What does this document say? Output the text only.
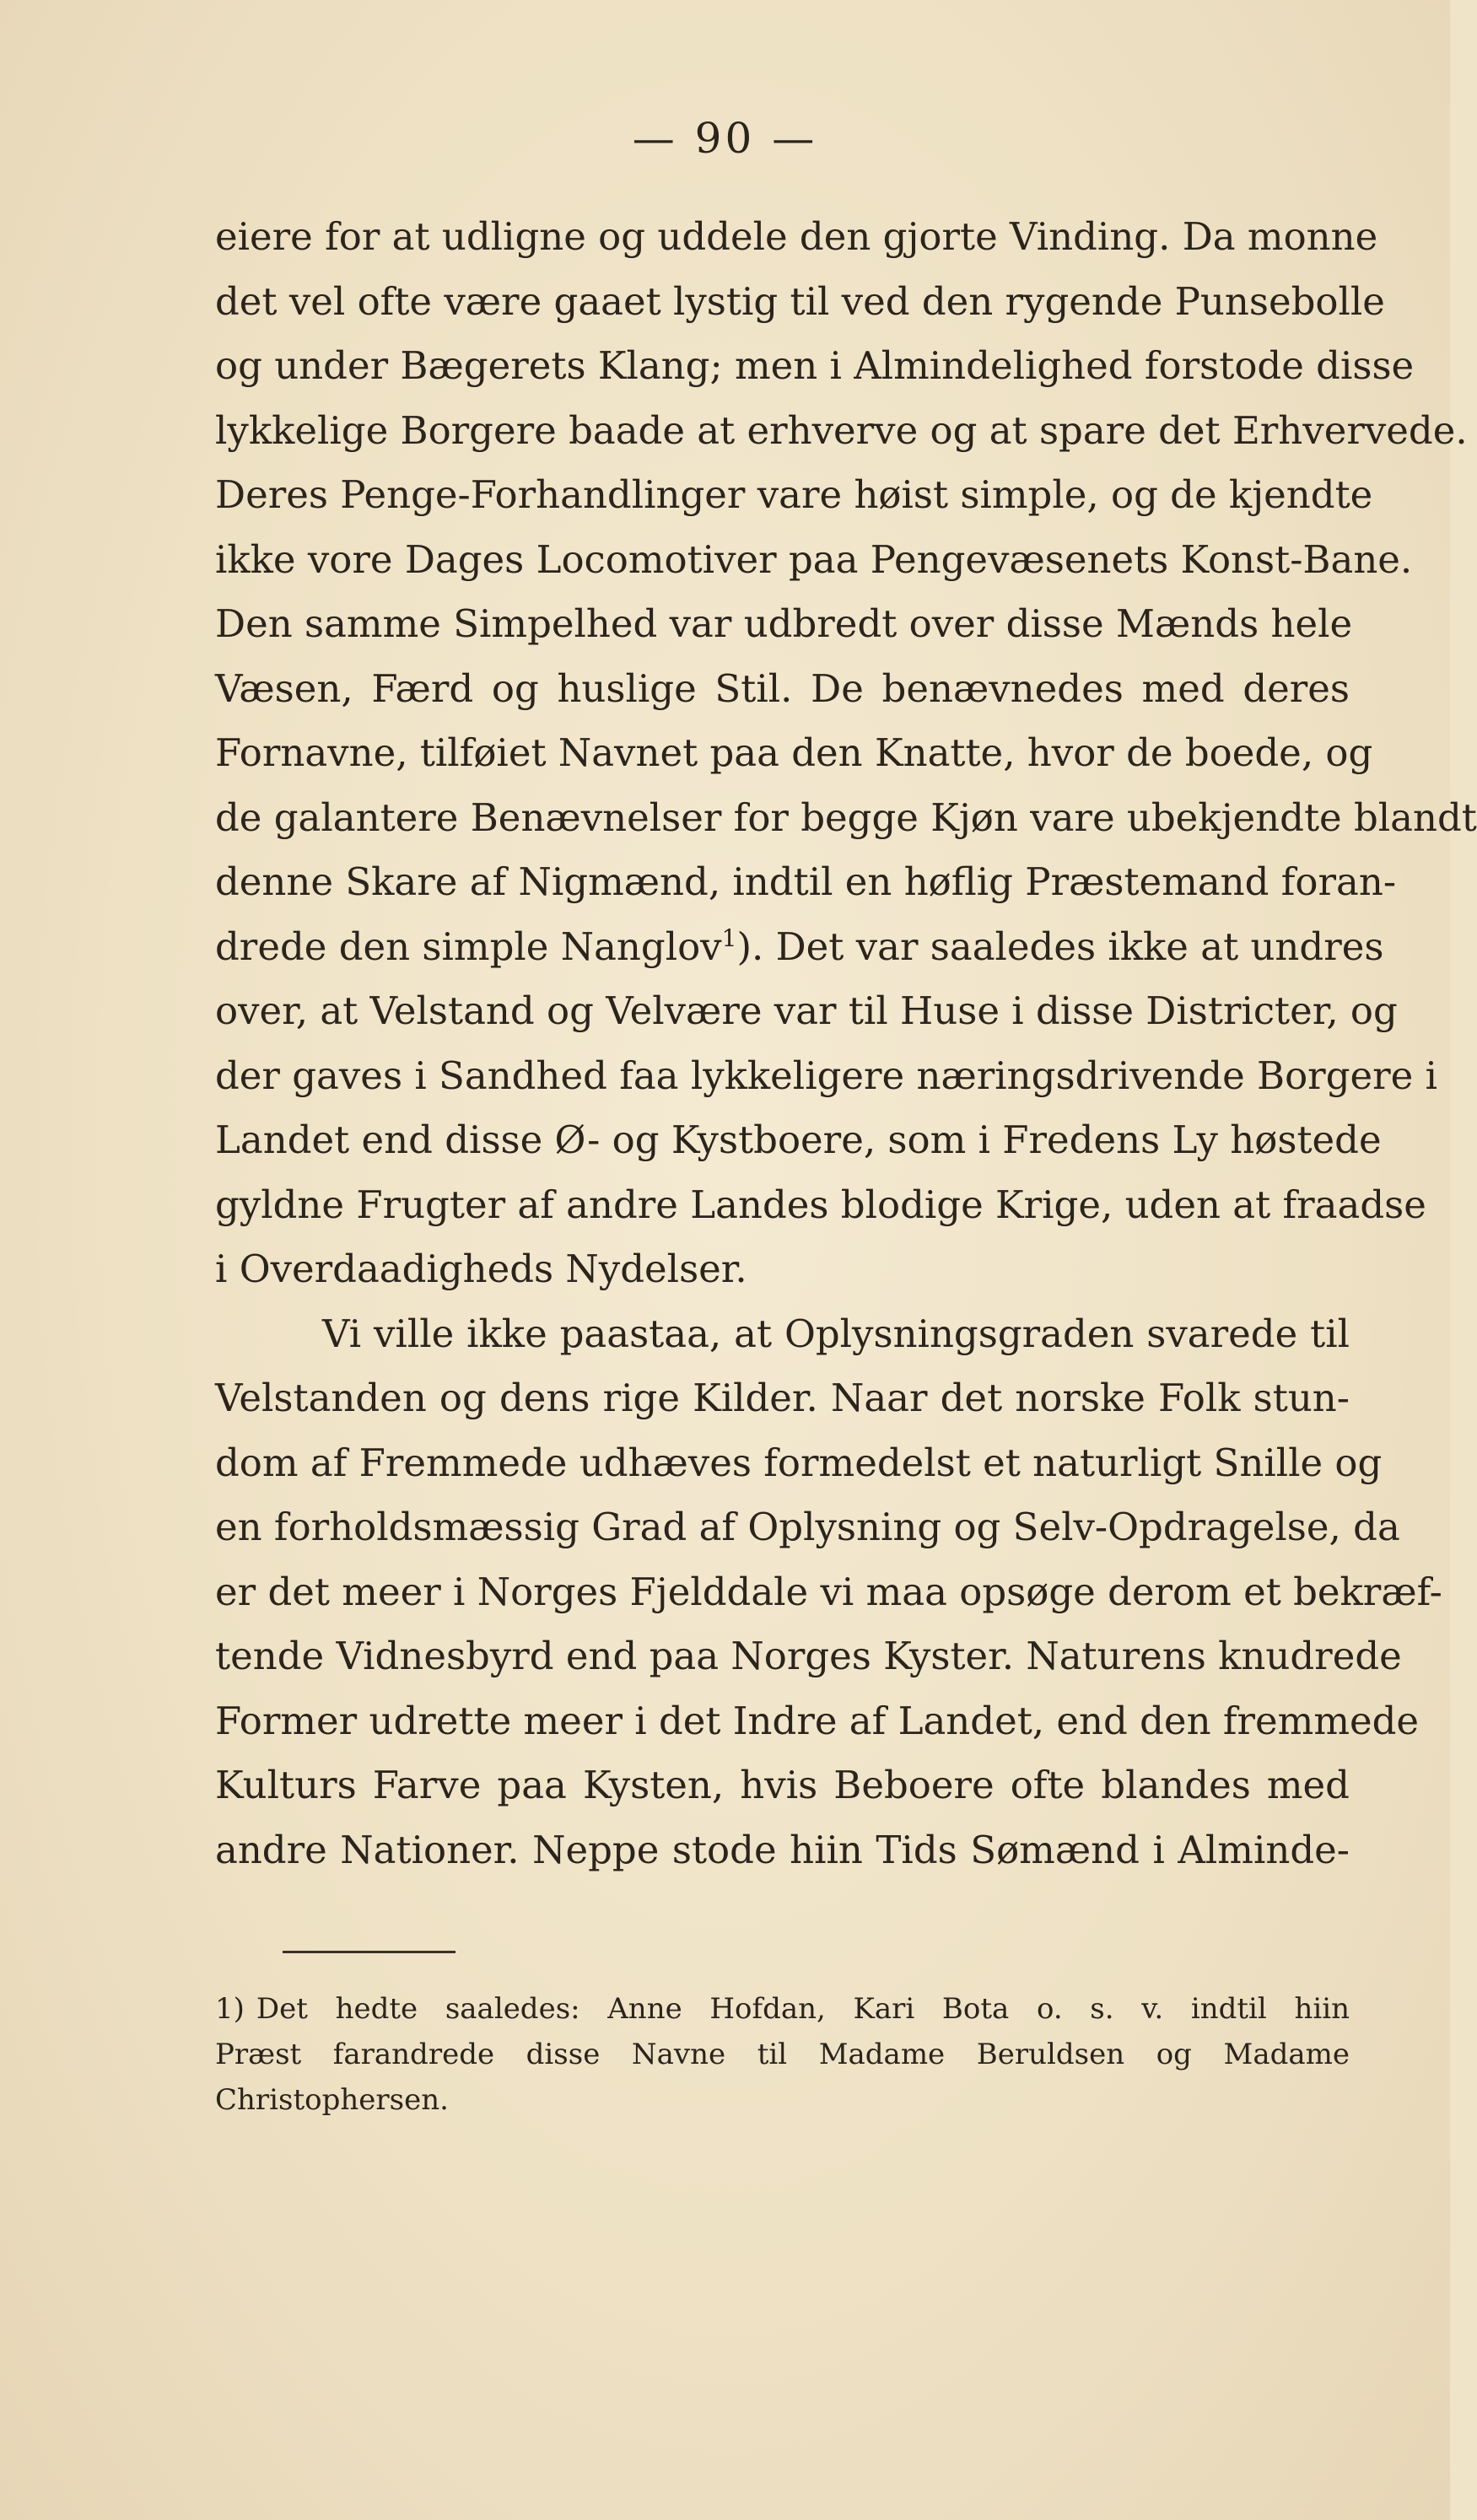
— 90 —
eiere for at udligne og uddele den gjorte Vinding. Da monne
det vel ofte være gaaet lystig til ved den rygende Punsebolle
og under Bægerets Klang; men i Almindelighed forstode disse
lykkelige Borgere baade at erhverve og at spare det Erhvervede.
Deres Penge-Forhandlinger vare høist simple, og de kjendte
ikke vore Dages Locomotiver paa Pengevæsenets Konst-Bane.
Den samme Simpelhed var udbredt over disse Mænds hele
Væsen, Færd og huslige Stil. De benævnedes med deres
Fornavne, tilføiet Navnet paa den Knatte, hvor de boede, og
de galantere Benævnelser for begge Kjøn vare ubekjendte blandt
denne Skare af Nigmænd, indtil en høflig Præstemand foran-
drede den simple Nanglov$^1$). Det var saaledes ikke at undres
over, at Velstand og Velvære var til Huse i disse Districter, og
der gaves i Sandhed faa lykkeligere næringsdrivende Borgere i
Landet end disse Ø- og Kystboere, som i Fredens Ly høstede
gyldne Frugter af andre Landes blodige Krige, uden at fraadse
i Overdaadigheds Nydelser.
Vi ville ikke paastaa, at Oplysningsgraden svarede til
Velstanden og dens rige Kilder. Naar det norske Folk stun-
dom af Fremmede udhæves formedelst et naturligt Snille og
en forholdsmæssig Grad af Oplysning og Selv-Opdragelse, da
er det meer i Norges Fjelddale vi maa opsøge derom et bekræf-
tende Vidnesbyrd end paa Norges Kyster. Naturens knudrede
Former udrette meer i det Indre af Landet, end den fremmede
Kulturs Farve paa Kysten, hvis Beboere ofte blandes med
andre Nationer. Neppe stode hiin Tids Sømænd i Alminde-
1) Det hedte saaledes: Anne Hofdan, Kari Bota o. s. v. indtil hiin
Præst farandrede disse Navne til Madame Beruldsen og Madame
Christophersen.
